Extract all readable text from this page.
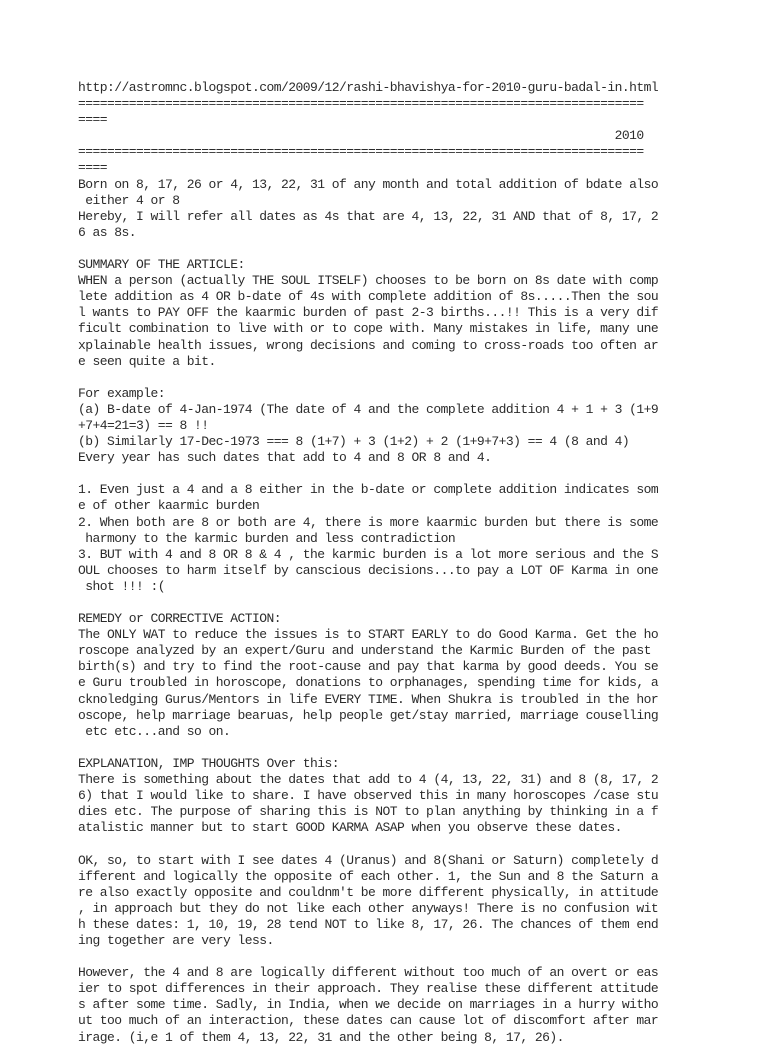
http://astromnc.blogspot.com/2009/12/rashi-bhavishya-for-2010-guru-badal-in.html
==============================================================================
====
2010
==============================================================================
====
Born on 8, 17, 26 or 4, 13, 22, 31 of any month and total addition of bdate also
either 4 or 8
Hereby, I will refer all dates as 4s that are 4, 13, 22, 31 AND that of 8, 17, 2
6 as 8s.
SUMMARY OF THE ARTICLE:
WHEN a person (actually THE SOUL ITSELF) chooses to be born on 8s date with comp
lete addition as 4 OR b-date of 4s with complete addition of 8s.....Then the sou
l wants to PAY OFF the kaarmic burden of past 2-3 births...!! This is a very dif
ficult combination to live with or to cope with. Many mistakes in life, many une
xplainable health issues, wrong decisions and coming to cross-roads too often ar
e seen quite a bit.
For example:
(a) B-date of 4-Jan-1974 (The date of 4 and the complete addition 4 + 1 + 3 (1+9
+7+4=21=3) == 8 !!
(b) Similarly 17-Dec-1973 === 8 (1+7) + 3 (1+2) + 2 (1+9+7+3) == 4 (8 and 4)
Every year has such dates that add to 4 and 8 OR 8 and 4.
1. Even just a 4 and a 8 either in the b-date or complete addition indicates som
e of other kaarmic burden
2. When both are 8 or both are 4, there is more kaarmic burden but there is some
harmony to the karmic burden and less contradiction
3. BUT with 4 and 8 OR 8 & 4 , the karmic burden is a lot more serious and the S
OUL chooses to harm itself by canscious decisions...to pay a LOT OF Karma in one
shot !!! :(
REMEDY or CORRECTIVE ACTION:
The ONLY WAT to reduce the issues is to START EARLY to do Good Karma. Get the ho
roscope analyzed by an expert/Guru and understand the Karmic Burden of the past
birth(s) and try to find the root-cause and pay that karma by good deeds. You se
e Guru troubled in horoscope, donations to orphanages, spending time for kids, a
cknoledging Gurus/Mentors in life EVERY TIME. When Shukra is troubled in the hor
oscope, help marriage bearuas, help people get/stay married, marriage couselling
etc etc...and so on.
EXPLANATION, IMP THOUGHTS Over this:
There is something about the dates that add to 4 (4, 13, 22, 31) and 8 (8, 17, 2
6) that I would like to share. I have observed this in many horoscopes /case stu
dies etc. The purpose of sharing this is NOT to plan anything by thinking in a f
atalistic manner but to start GOOD KARMA ASAP when you observe these dates.
OK, so, to start with I see dates 4 (Uranus) and 8(Shani or Saturn) completely d
ifferent and logically the opposite of each other. 1, the Sun and 8 the Saturn a
re also exactly opposite and couldnm't be more different physically, in attitude
, in approach but they do not like each other anyways! There is no confusion wit
h these dates: 1, 10, 19, 28 tend NOT to like 8, 17, 26. The chances of them end
ing together are very less.
However, the 4 and 8 are logically different without too much of an overt or eas
ier to spot differences in their approach. They realise these different attitude
s after some time. Sadly, in India, when we decide on marriages in a hurry witho
ut too much of an interaction, these dates can cause lot of discomfort after mar
irage. (i,e 1 of them 4, 13, 22, 31 and the other being 8, 17, 26).
